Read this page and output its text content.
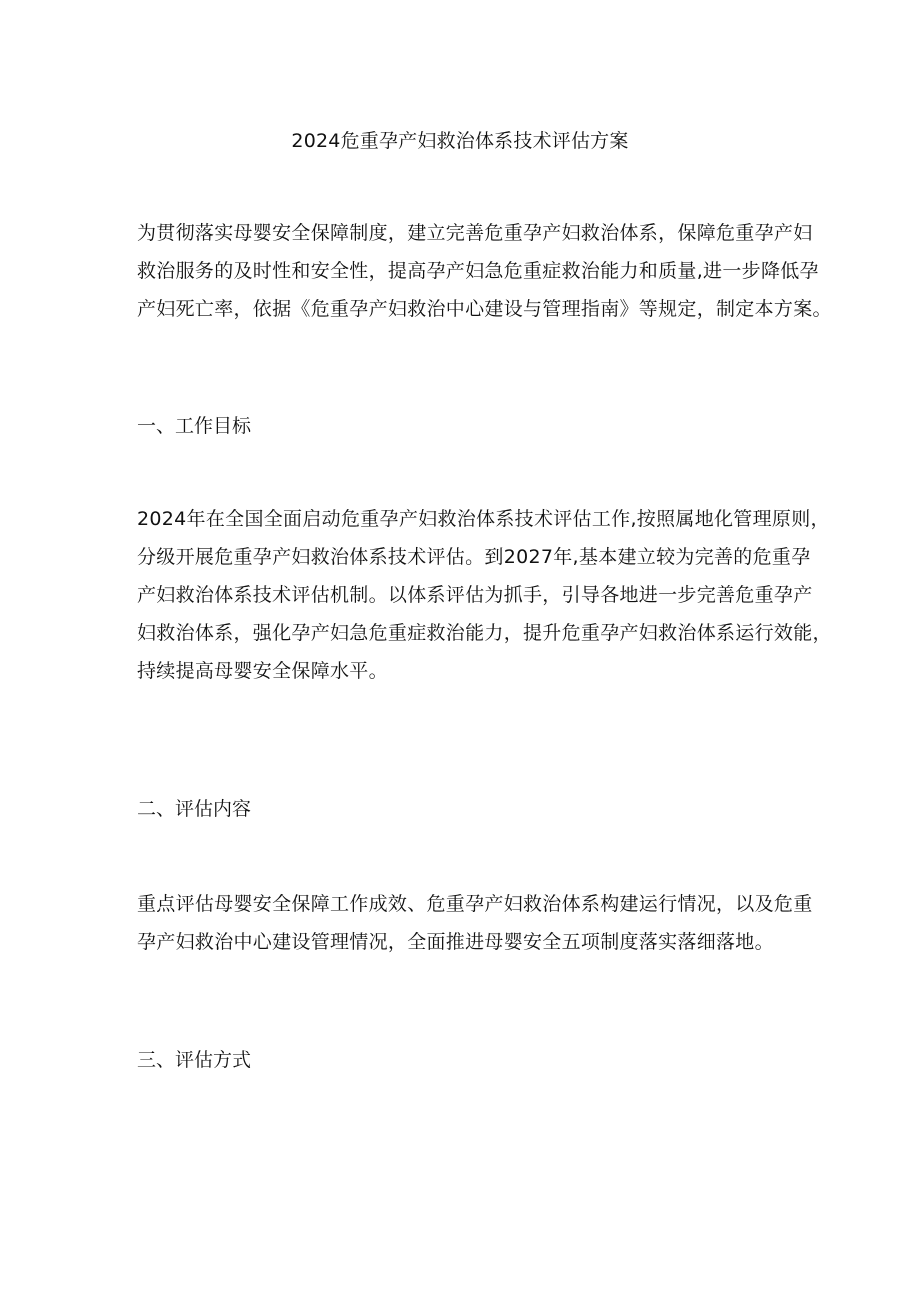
2024危重孕产妇救治体系技术评估方案
为贯彻落实母婴安全保障制度，建立完善危重孕产妇救治体系，保障危重孕产妇
救治服务的及时性和安全性，提高孕产妇急危重症救治能力和质量,进一步降低孕
产妇死亡率，依据《危重孕产妇救治中心建设与管理指南》等规定，制定本方案。
一、工作目标
2024年在全国全面启动危重孕产妇救治体系技术评估工作,按照属地化管理原则，
分级开展危重孕产妇救治体系技术评估。到2027年,基本建立较为完善的危重孕
产妇救治体系技术评估机制。以体系评估为抓手，引导各地进一步完善危重孕产
妇救治体系，强化孕产妇急危重症救治能力，提升危重孕产妇救治体系运行效能，
持续提高母婴安全保障水平。
二、评估内容
重点评估母婴安全保障工作成效、危重孕产妇救治体系构建运行情况，以及危重
孕产妇救治中心建设管理情况，全面推进母婴安全五项制度落实落细落地。
三、评估方式
